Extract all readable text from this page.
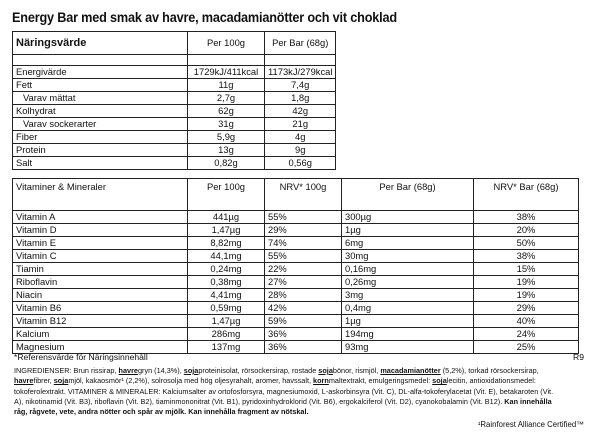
Energy Bar med smak av havre, macadamianötter och vit choklad
Näringsvärde	Per 100g	Per Bar (68g)

Energivärde	1729kJ/411kcal	1173kJ/279kcal
Fett	11g	7,4g
Varav mättat	2,7g	1,8g
Kolhydrat	62g	42g
Varav sockerarter	31g	21g
Fiber	5,9g	4g
Protein	13g	9g
Salt	0,82g	0,56g
Vitaminer & Mineraler	Per 100g	NRV* 100g	Per Bar (68g)	NRV* Bar (68g)
Vitamin A	441µg	55%	300µg	38%
Vitamin D	1,47µg	29%	1µg	20%
Vitamin E	8,82mg	74%	6mg	50%
Vitamin C	44,1mg	55%	30mg	38%
Tiamin	0,24mg	22%	0,16mg	15%
Riboflavin	0,38mg	27%	0,26mg	19%
Niacin	4,41mg	28%	3mg	19%
Vitamin B6	0,59mg	42%	0,4mg	29%
Vitamin B12	1,47µg	59%	1µg	40%
Kalcium	286mg	36%	194mg	24%
Magnesium	137mg	36%	93mg	25%
*Referensvärde för Näringsinnehåll	R9
INGREDIENSER: Brun rissirap, havregryn (14,3%), sojaproteinisolat, rörsockersirap, rostade sojabönor, rismjöl, macadamianötter (5,2%), torkad rörsockersirap, havrefibrer, sojamjöl, kakaosmör¹ (2,2%), solrosolja med hög oljesyrahalt, aromer, havssalt, kornmaltextrakt, emulgeringsmedel: sojalecitin, antioxidationsmedel: tokoferolextrakt. VITAMINER & MINERALER: Kalciumsalter av ortofosforsyra, magnesiumoxid, L-askorbinsyra (Vit. C), DL-alfa-tokoferylacetat (Vit. E), betakaroten (Vit. A), nikotinamid (Vit. B3), riboflavin (Vit. B2), tiaminmononitrat (Vit. B1), pyridoxinhydroklorid (Vit. B6), ergokalciferol (Vit. D2), cyanokobalamin (Vit. B12). Kan innehålla råg, rågvete, vete, andra nötter och spår av mjölk. Kan innehålla fragment av nötskal.
¹Rainforest Alliance Certified™
